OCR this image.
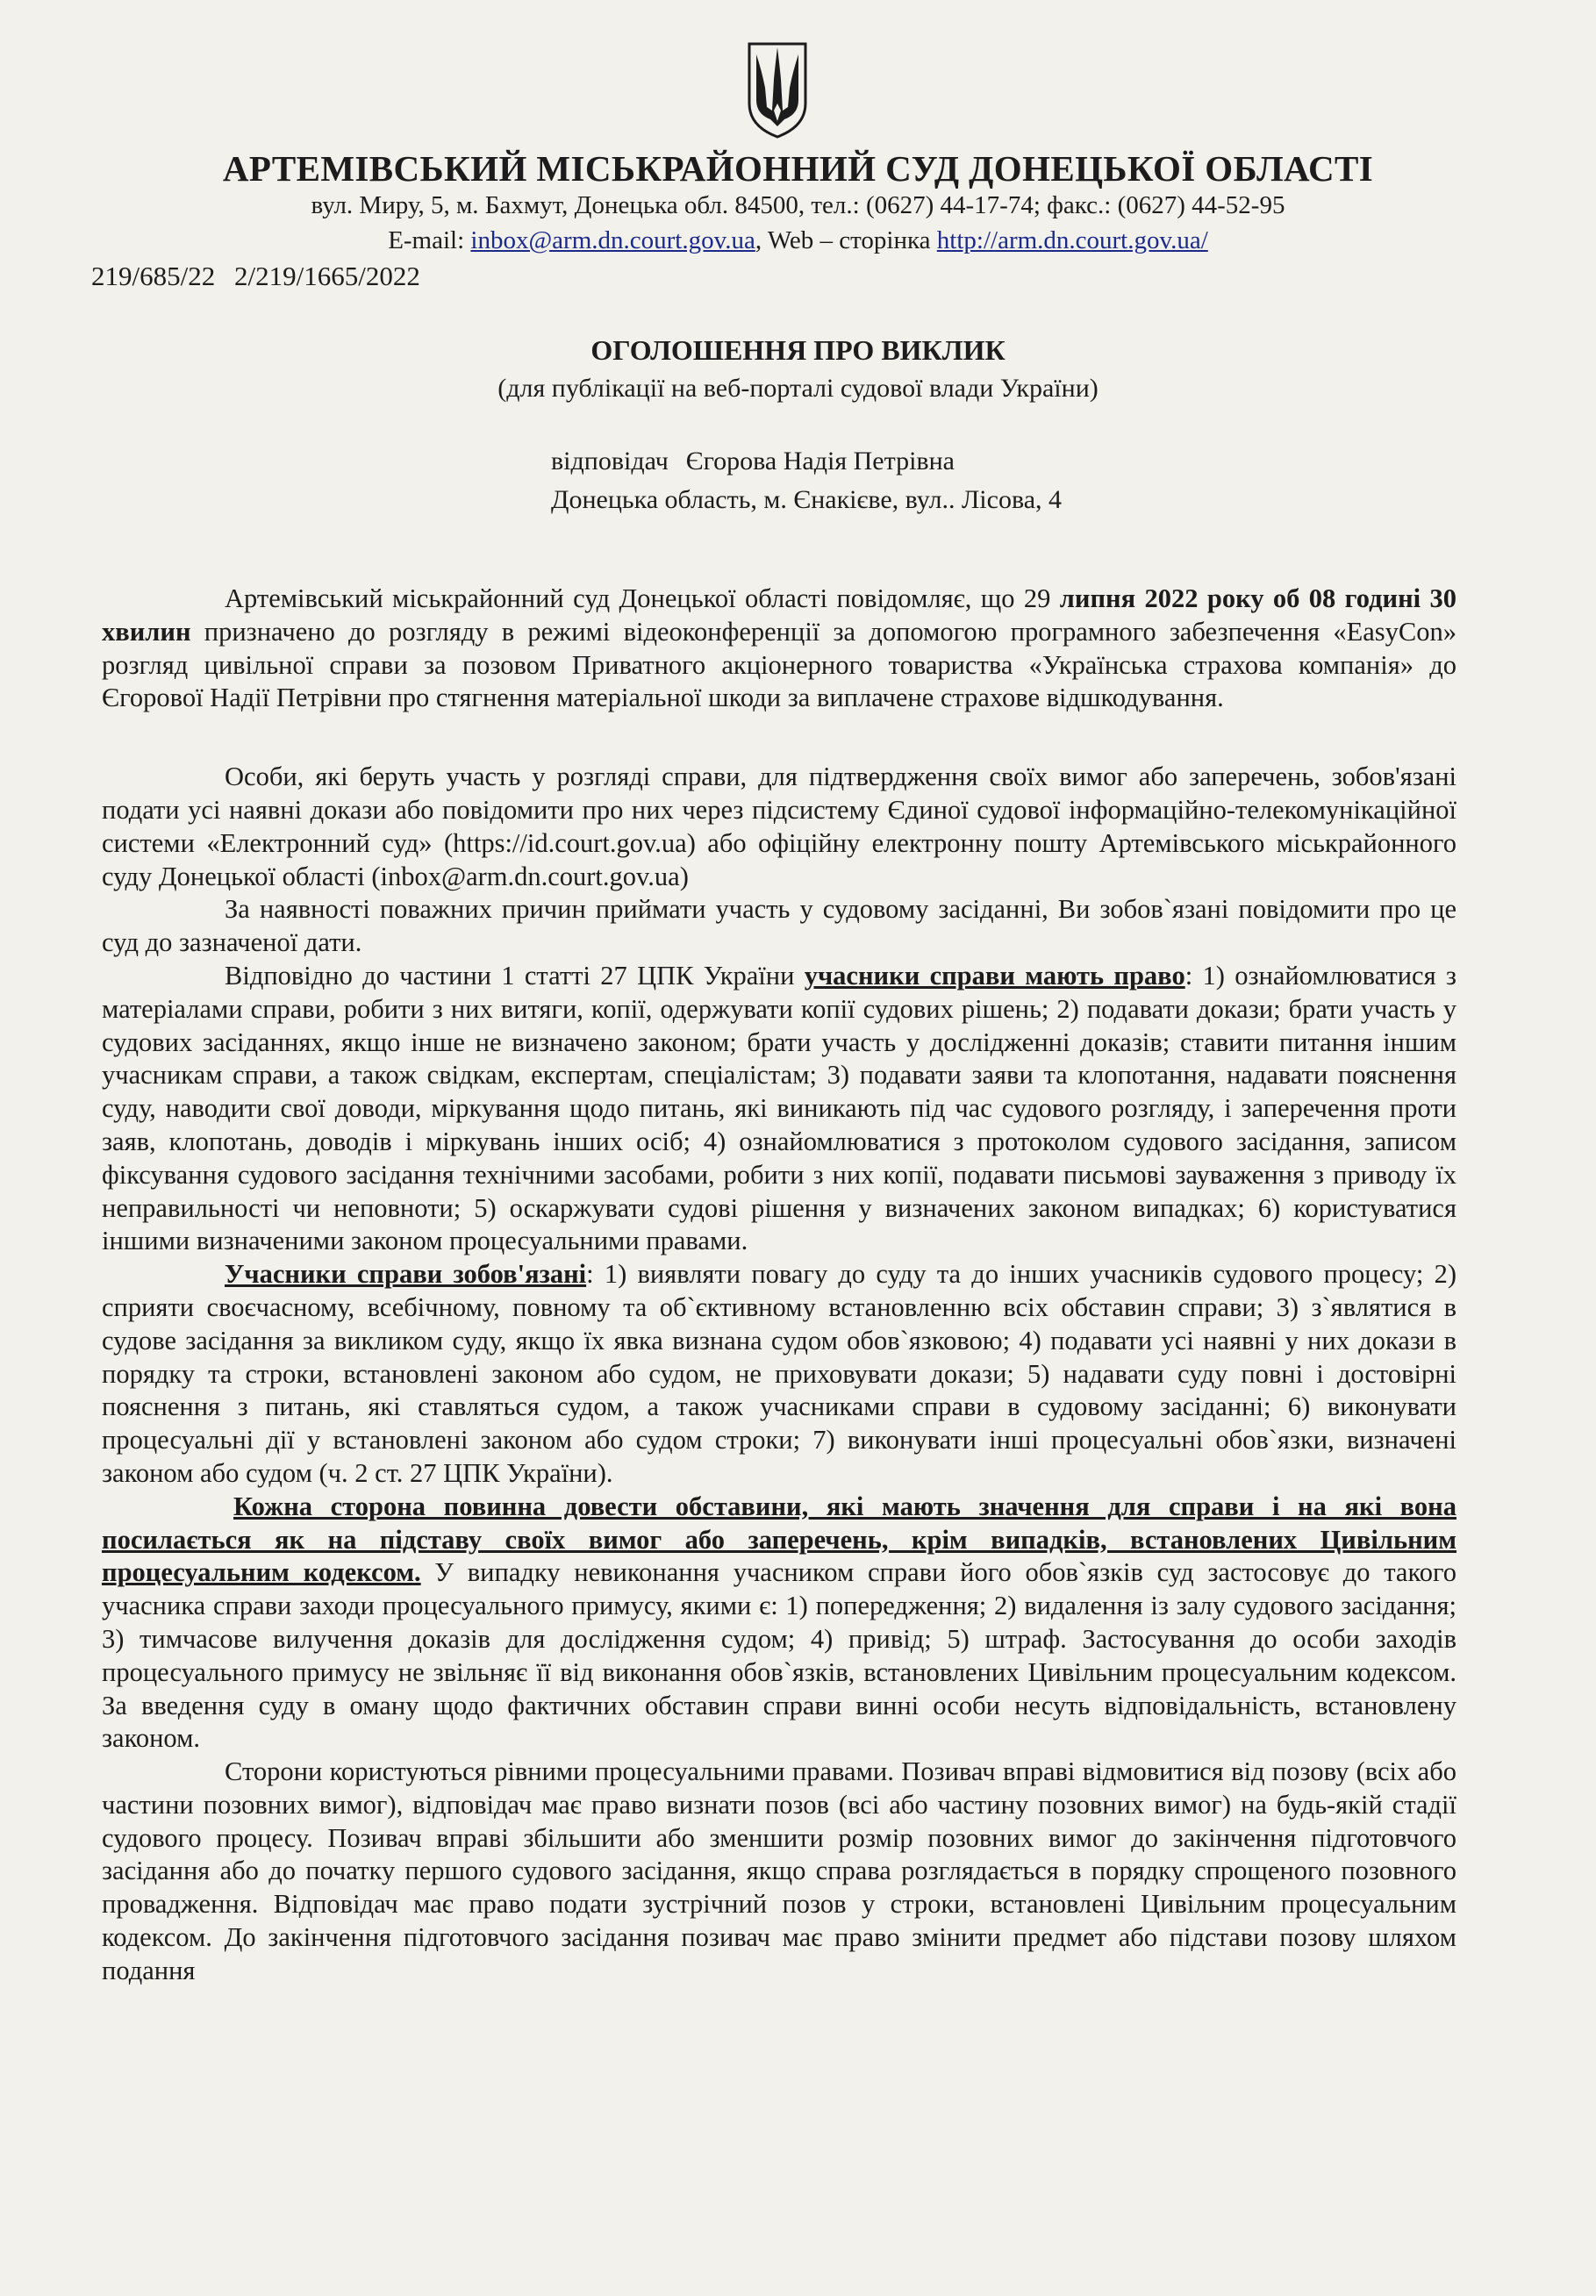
АРТЕМІВСЬКИЙ МІСЬКРАЙОННИЙ СУД ДОНЕЦЬКОЇ ОБЛАСТІ
вул. Миру, 5, м. Бахмут, Донецька обл. 84500, тел.: (0627) 44-17-74; факс.: (0627) 44-52-95
E-mail: inbox@arm.dn.court.gov.ua, Web – сторінка http://arm.dn.court.gov.ua/
219/685/22 2/219/1665/2022
ОГОЛОШЕННЯ ПРО ВИКЛИК
(для публікації на веб-порталі судової влади України)
відповідач Єгорова Надія Петрівна
Донецька область, м. Єнакієве, вул.. Лісова, 4

Артемівський міськрайонний суд Донецької області повідомляє, що 29 липня 2022 року об 08 годині 30 хвилин призначено до розгляду в режимі відеоконференції за допомогою програмного забезпечення «EasyCon» розгляд цивільної справи за позовом Приватного акціонерного товариства «Українська страхова компанія» до Єгорової Надії Петрівни про стягнення матеріальної шкоди за виплачене страхове відшкодування.

Особи, які беруть участь у розгляді справи, для підтвердження своїх вимог або заперечень, зобов'язані подати усі наявні докази або повідомити про них через підсистему Єдиної судової інформаційно-телекомунікаційної системи «Електронний суд» (https://id.court.gov.ua) або офіційну електронну пошту Артемівського міськрайонного суду Донецької області (inbox@arm.dn.court.gov.ua)

За наявності поважних причин приймати участь у судовому засіданні, Ви зобов`язані повідомити про це суд до зазначеної дати.

Відповідно до частини 1 статті 27 ЦПК України учасники справи мають право: 1) ознайомлюватися з матеріалами справи, робити з них витяги, копії, одержувати копії судових рішень; 2) подавати докази; брати участь у судових засіданнях, якщо інше не визначено законом; брати участь у дослідженні доказів; ставити питання іншим учасникам справи, а також свідкам, експертам, спеціалістам; 3) подавати заяви та клопотання, надавати пояснення суду, наводити свої доводи, міркування щодо питань, які виникають під час судового розгляду, і заперечення проти заяв, клопотань, доводів і міркувань інших осіб; 4) ознайомлюватися з протоколом судового засідання, записом фіксування судового засідання технічними засобами, робити з них копії, подавати письмові зауваження з приводу їх неправильності чи неповноти; 5) оскаржувати судові рішення у визначених законом випадках; 6) користуватися іншими визначеними законом процесуальними правами.

Учасники справи зобов'язані: 1) виявляти повагу до суду та до інших учасників судового процесу; 2) сприяти своєчасному, всебічному, повному та об`єктивному встановленню всіх обставин справи; 3) з`являтися в судове засідання за викликом суду, якщо їх явка визнана судом обов`язковою; 4) подавати усі наявні у них докази в порядку та строки, встановлені законом або судом, не приховувати докази; 5) надавати суду повні і достовірні пояснення з питань, які ставляться судом, а також учасниками справи в судовому засіданні; 6) виконувати процесуальні дії у встановлені законом або судом строки; 7) виконувати інші процесуальні обов`язки, визначені законом або судом (ч. 2 ст. 27 ЦПК України).

Кожна сторона повинна довести обставини, які мають значення для справи і на які вона посилається як на підставу своїх вимог або заперечень, крім випадків, встановлених Цивільним процесуальним кодексом. У випадку невиконання учасником справи його обов`язків суд застосовує до такого учасника справи заходи процесуального примусу, якими є: 1) попередження; 2) видалення із залу судового засідання; 3) тимчасове вилучення доказів для дослідження судом; 4) привід; 5) штраф. Застосування до особи заходів процесуального примусу не звільняє її від виконання обов`язків, встановлених Цивільним процесуальним кодексом. За введення суду в оману щодо фактичних обставин справи винні особи несуть відповідальність, встановлену законом.

Сторони користуються рівними процесуальними правами. Позивач вправі відмовитися від позову (всіх або частини позовних вимог), відповідач має право визнати позов (всі або частину позовних вимог) на будь-якій стадії судового процесу. Позивач вправі збільшити або зменшити розмір позовних вимог до закінчення підготовчого засідання або до початку першого судового засідання, якщо справа розглядається в порядку спрощеного позовного провадження. Відповідач має право подати зустрічний позов у строки, встановлені Цивільним процесуальним кодексом. До закінчення підготовчого засідання позивач має право змінити предмет або підстави позову шляхом подання
